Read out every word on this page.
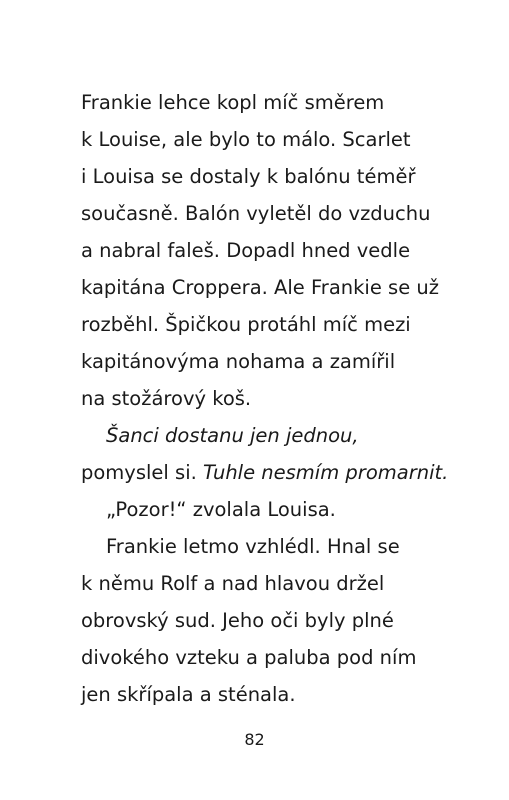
Frankie lehce kopl míč směrem
k Louise, ale bylo to málo. Scarlet
i Louisa se dostaly k balónu téměř
současně. Balón vyletěl do vzduchu
a nabral faleš. Dopadl hned vedle
kapitána Croppera. Ale Frankie se už
rozběhl. Špičkou protáhl míč mezi
kapitánovýma nohama a zamířil
na stožárový koš.
Šanci dostanu jen jednou,
pomyslel si. Tuhle nesmím promarnit.
„Pozor!“ zvolala Louisa.
Frankie letmo vzhlédl. Hnal se
k němu Rolf a nad hlavou držel
obrovský sud. Jeho oči byly plné
divokého vzteku a paluba pod ním
jen skřípala a sténala.
82
